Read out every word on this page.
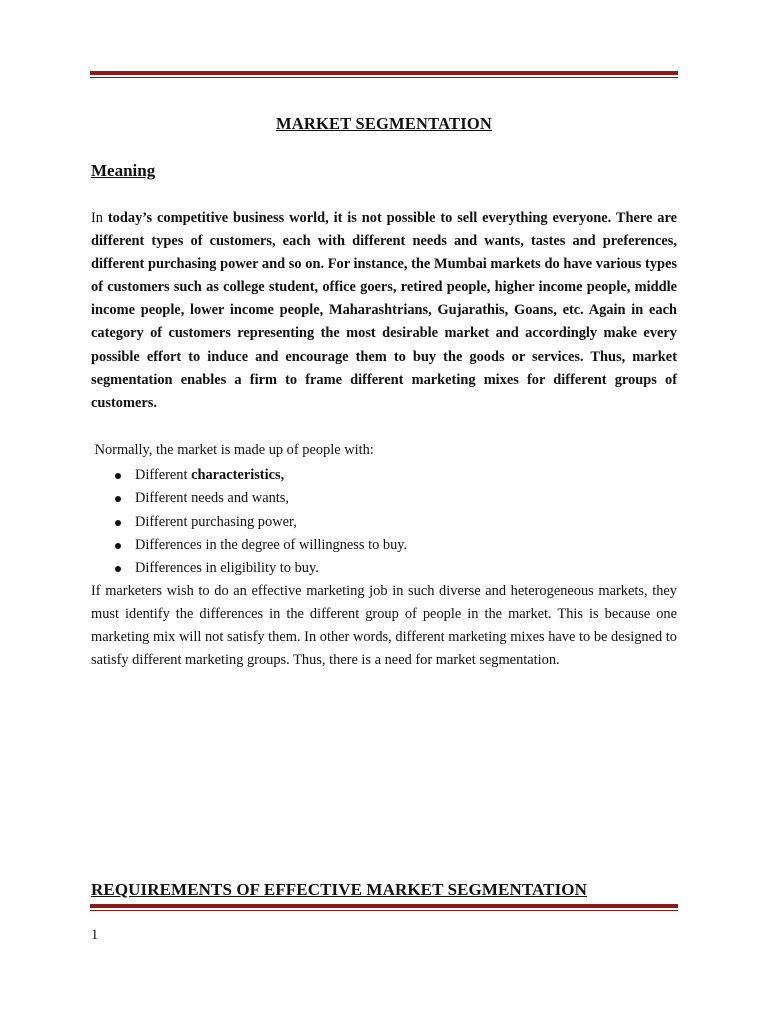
MARKET SEGMENTATION
Meaning

In today’s competitive business world, it is not possible to sell everything everyone. There are different types of customers, each with different needs and wants, tastes and preferences, different purchasing power and so on. For instance, the Mumbai markets do have various types of customers such as college student, office goers, retired people, higher income people, middle income people, lower income people, Maharashtrians, Gujarathis, Goans, etc. Again in each category of customers representing the most desirable market and accordingly make every possible effort to induce and encourage them to buy the goods or services. Thus, market segmentation enables a firm to frame different marketing mixes for different groups of customers.

Normally, the market is made up of people with:
Different characteristics,
Different needs and wants,
Different purchasing power,
Differences in the degree of willingness to buy.
Differences in eligibility to buy.

If marketers wish to do an effective marketing job in such diverse and heterogeneous markets, they must identify the differences in the different group of people in the market. This is because one marketing mix will not satisfy them. In other words, different marketing mixes have to be designed to satisfy different marketing groups. Thus, there is a need for market segmentation.

REQUIREMENTS OF EFFECTIVE MARKET SEGMENTATION
1
